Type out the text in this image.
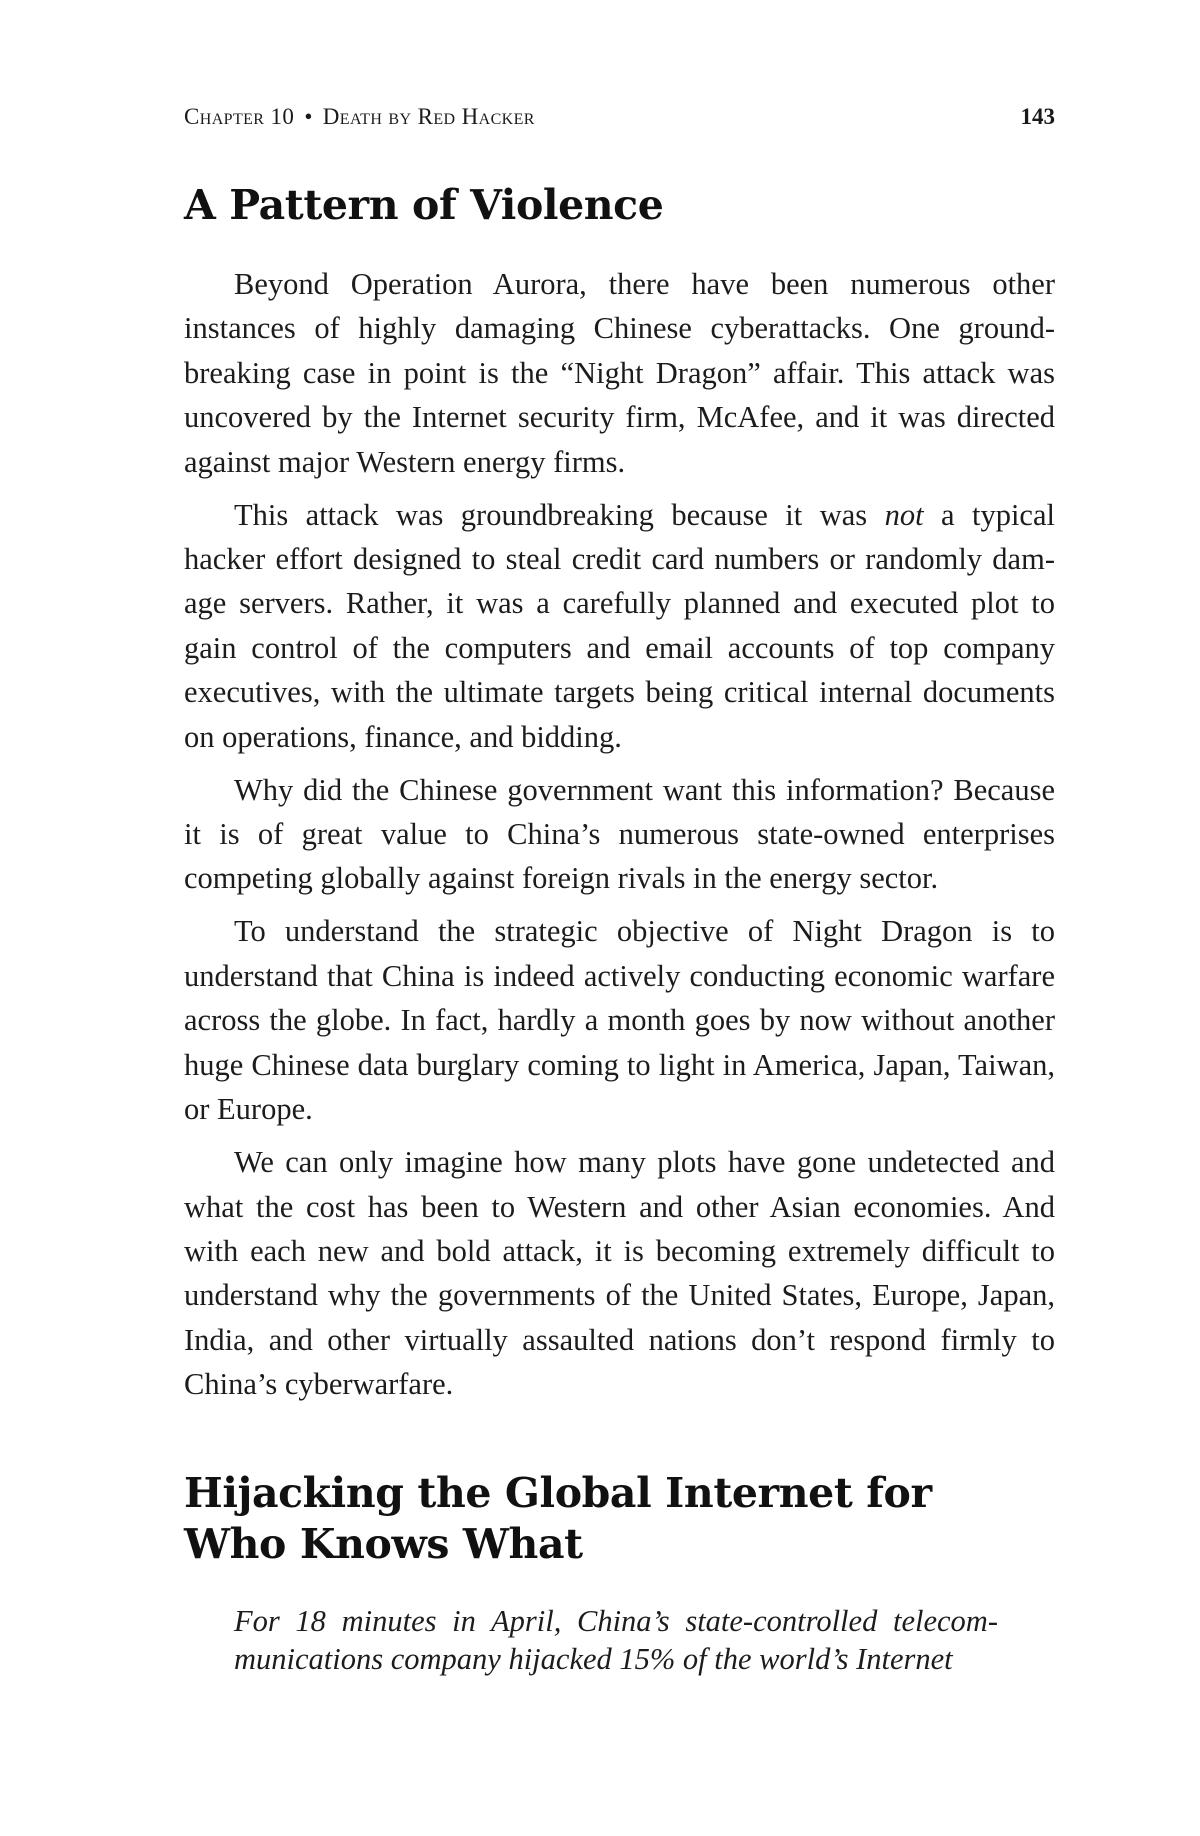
Chapter 10 • Death by Red Hacker	143
A Pattern of Violence

Beyond Operation Aurora, there have been numerous other instances of highly damaging Chinese cyberattacks. One groundbreaking case in point is the “Night Dragon” affair. This attack was uncovered by the Internet security firm, McAfee, and it was directed against major Western energy firms.

This attack was groundbreaking because it was not a typical hacker effort designed to steal credit card numbers or randomly damage servers. Rather, it was a carefully planned and executed plot to gain control of the computers and email accounts of top company executives, with the ultimate targets being critical internal documents on operations, finance, and bidding.

Why did the Chinese government want this information? Because it is of great value to China’s numerous state-owned enterprises competing globally against foreign rivals in the energy sector.

To understand the strategic objective of Night Dragon is to understand that China is indeed actively conducting economic warfare across the globe. In fact, hardly a month goes by now without another huge Chinese data burglary coming to light in America, Japan, Taiwan, or Europe.

We can only imagine how many plots have gone undetected and what the cost has been to Western and other Asian economies. And with each new and bold attack, it is becoming extremely difficult to understand why the governments of the United States, Europe, Japan, India, and other virtually assaulted nations don’t respond firmly to China’s cyberwarfare.

Hijacking the Global Internet for
Who Knows What

For 18 minutes in April, China’s state-controlled telecommunications company hijacked 15% of the world’s Internet
